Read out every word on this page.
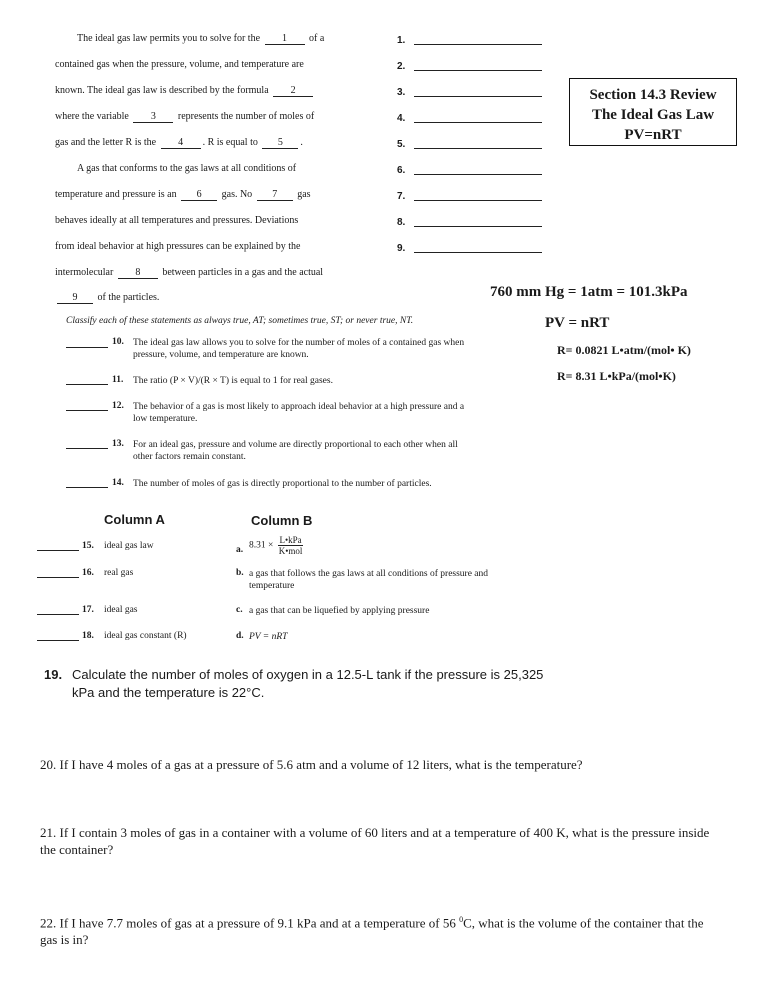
The ideal gas law permits you to solve for the 1 of a
contained gas when the pressure, volume, and temperature are
known. The ideal gas law is described by the formula 2
where the variable 3 represents the number of moles of
gas and the letter R is the 4 . R is equal to 5 .
A gas that conforms to the gas laws at all conditions of
temperature and pressure is an 6 gas. No 7 gas
behaves ideally at all temperatures and pressures. Deviations
from ideal behavior at high pressures can be explained by the
intermolecular 8 between particles in a gas and the actual
9 of the particles.
1.
2.
3.
4.
5.
6.
7.
8.
9.
Section 14.3 Review
The Ideal Gas Law
PV=nRT
760 mm Hg = 1atm = 101.3kPa
PV = nRT
R= 0.0821 L•atm/(mol• K)
R= 8.31 L•kPa/(mol•K)
Classify each of these statements as always true, AT; sometimes true, ST; or never true, NT.
10. The ideal gas law allows you to solve for the number of moles of a contained gas when pressure, volume, and temperature are known.
11. The ratio (P × V)/(R × T) is equal to 1 for real gases.
12. The behavior of a gas is most likely to approach ideal behavior at a high pressure and a low temperature.
13. For an ideal gas, pressure and volume are directly proportional to each other when all other factors remain constant.
14. The number of moles of gas is directly proportional to the number of particles.
Column A	Column B
15. ideal gas law
16. real gas
17. ideal gas
18. ideal gas constant (R)
a. $8.31 \times \frac{\text{L•kPa}}{\text{K•mol}}$
b. a gas that follows the gas laws at all conditions of pressure and temperature
c. a gas that can be liquefied by applying pressure
d. PV = nRT
19. Calculate the number of moles of oxygen in a 12.5-L tank if the pressure is 25,325 kPa and the temperature is 22°C.
20. If I have 4 moles of a gas at a pressure of 5.6 atm and a volume of 12 liters, what is the temperature?
21. If I contain 3 moles of gas in a container with a volume of 60 liters and at a temperature of 400 K, what is the pressure inside the container?
22. If I have 7.7 moles of gas at a pressure of 9.1 kPa and at a temperature of 56 $^0$C, what is the volume of the container that the gas is in?
